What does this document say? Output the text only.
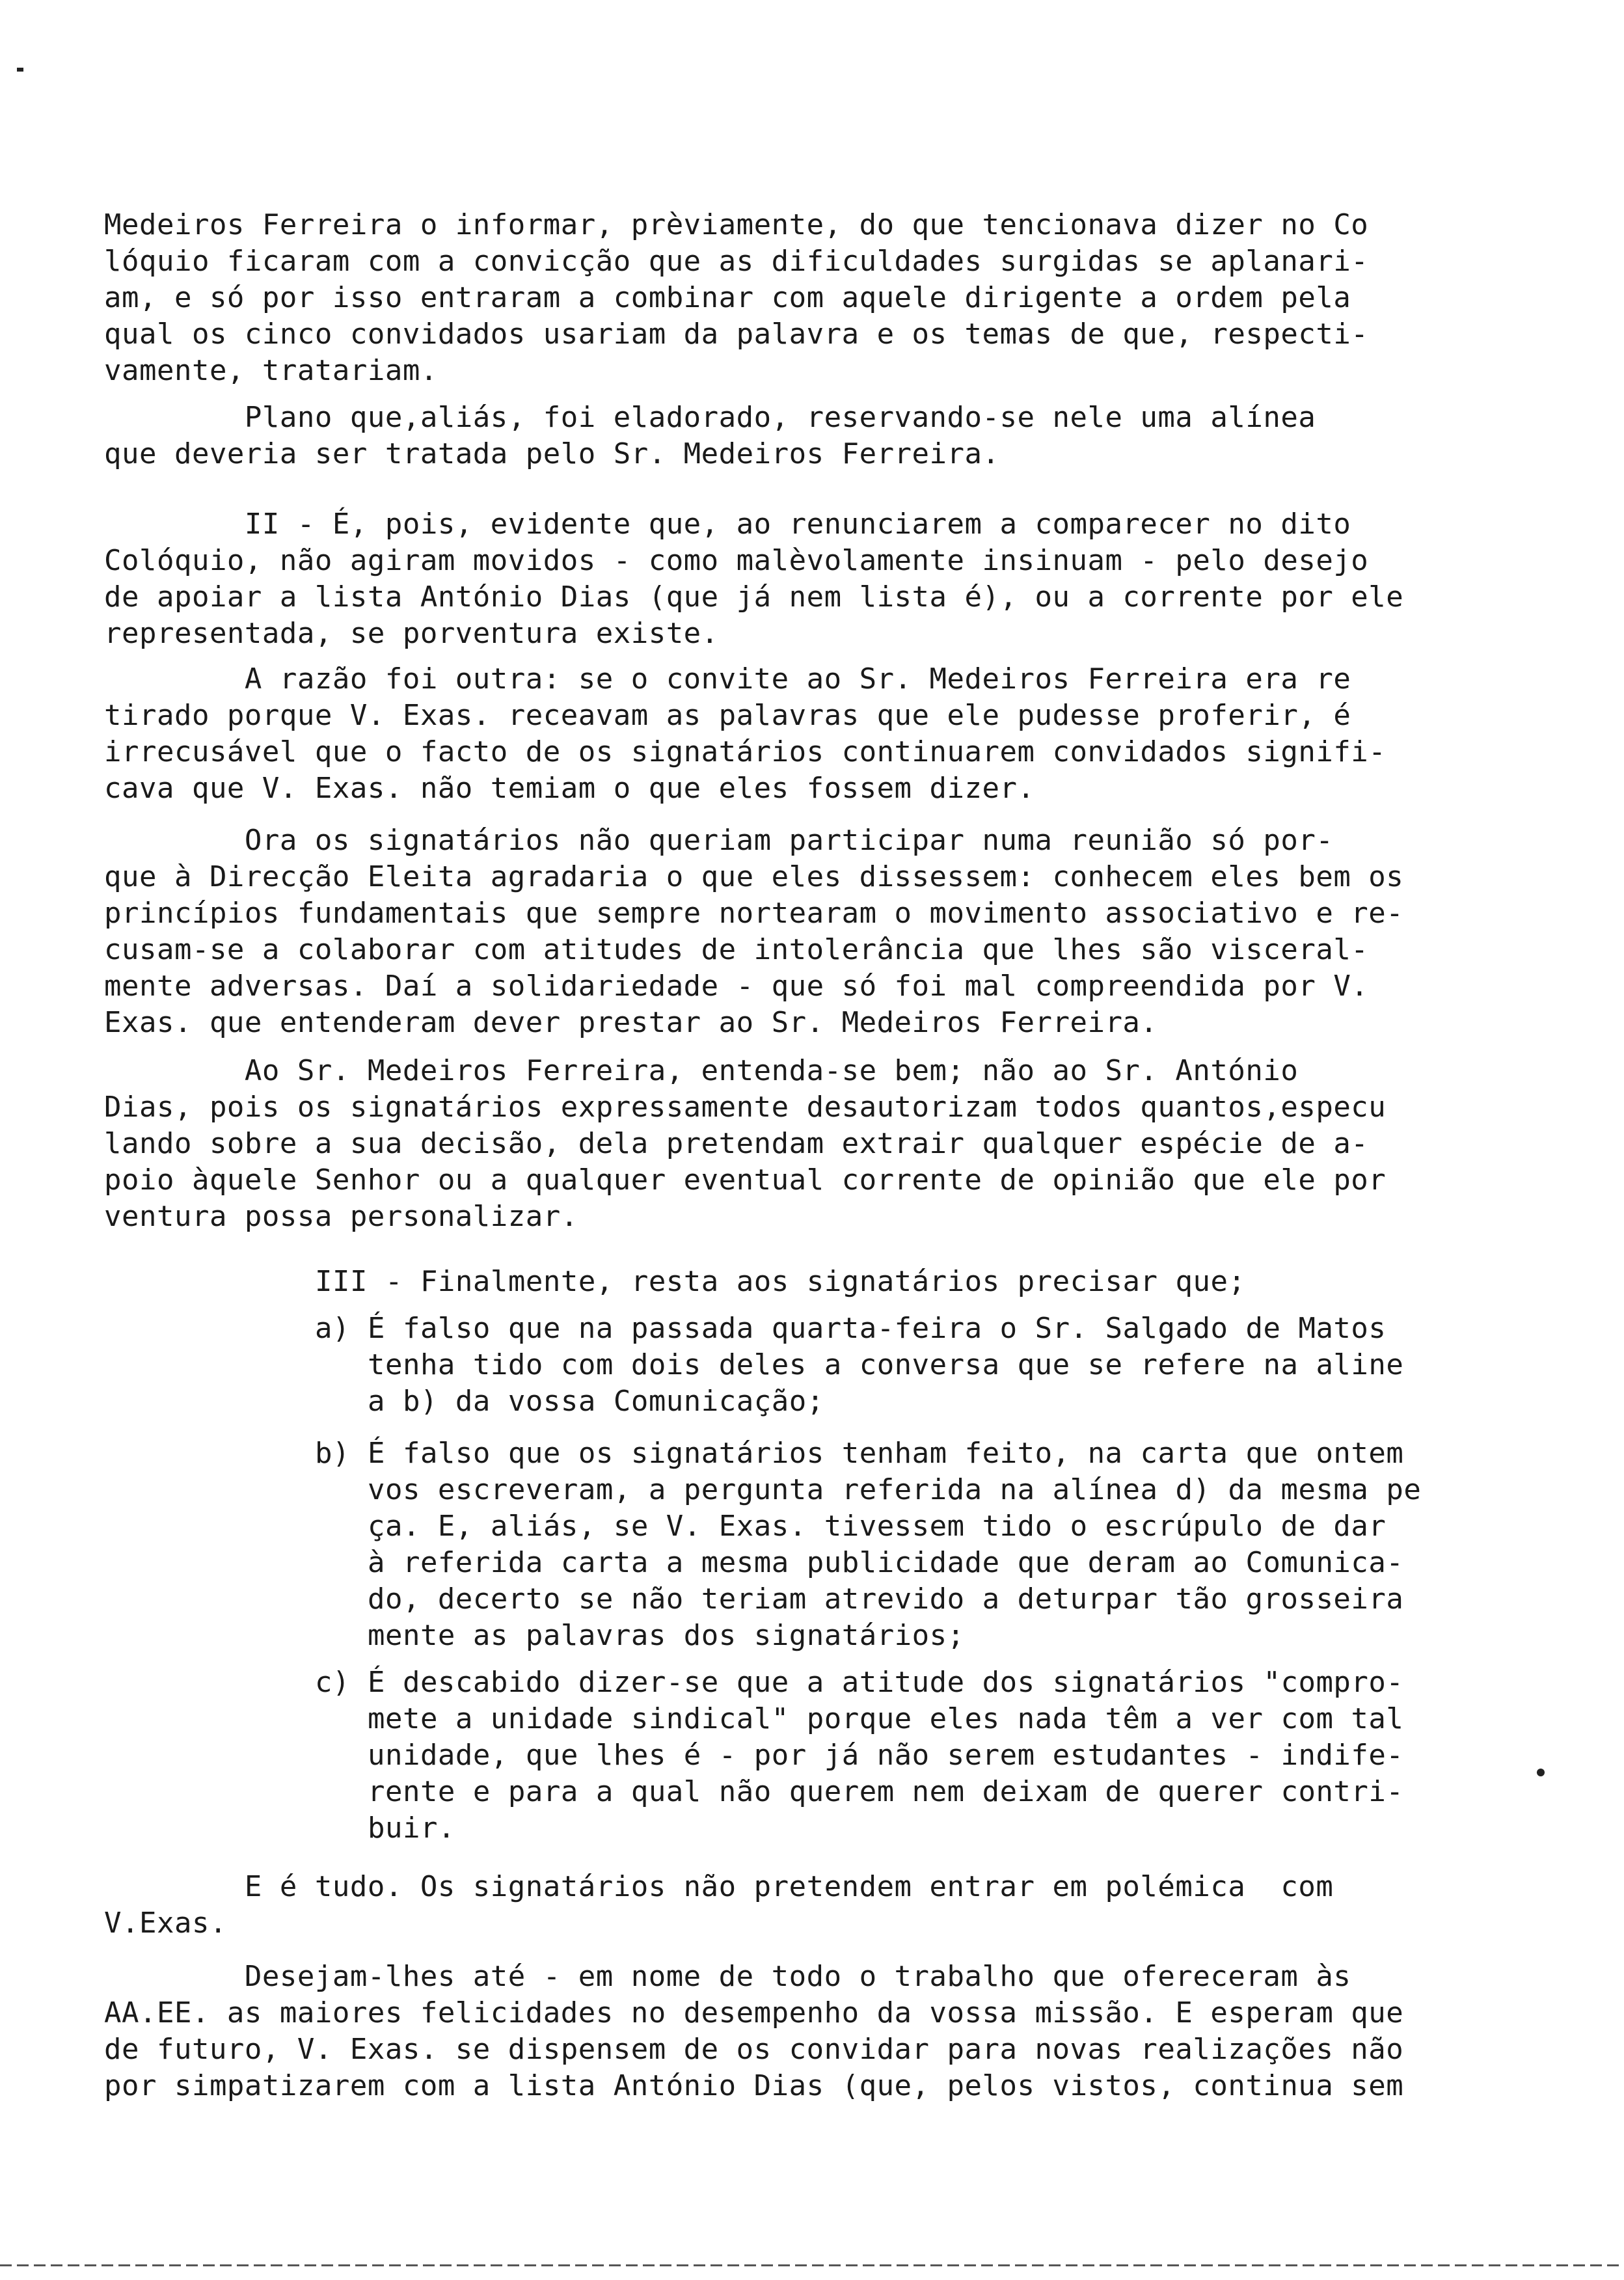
Medeiros Ferreira o informar, prèviamente, do que tencionava dizer no Co
lóquio ficaram com a convicção que as dificuldades surgidas se aplanari-
am, e só por isso entraram a combinar com aquele dirigente a ordem pela
qual os cinco convidados usariam da palavra e os temas de que, respecti-
vamente, tratariam.
Plano que,aliás, foi eladorado, reservando-se nele uma alínea
que deveria ser tratada pelo Sr. Medeiros Ferreira.
II - É, pois, evidente que, ao renunciarem a comparecer no dito
Colóquio, não agiram movidos - como malèvolamente insinuam - pelo desejo
de apoiar a lista António Dias (que já nem lista é), ou a corrente por ele
representada, se porventura existe.
A razão foi outra: se o convite ao Sr. Medeiros Ferreira era re
tirado porque V. Exas. receavam as palavras que ele pudesse proferir, é
irrecusável que o facto de os signatários continuarem convidados signifi-
cava que V. Exas. não temiam o que eles fossem dizer.
Ora os signatários não queriam participar numa reunião só por-
que à Direcção Eleita agradaria o que eles dissessem: conhecem eles bem os
princípios fundamentais que sempre nortearam o movimento associativo e re-
cusam-se a colaborar com atitudes de intolerância que lhes são visceral-
mente adversas. Daí a solidariedade - que só foi mal compreendida por V.
Exas. que entenderam dever prestar ao Sr. Medeiros Ferreira.
Ao Sr. Medeiros Ferreira, entenda-se bem; não ao Sr. António
Dias, pois os signatários expressamente desautorizam todos quantos,especu
lando sobre a sua decisão, dela pretendam extrair qualquer espécie de a-
poio àquele Senhor ou a qualquer eventual corrente de opinião que ele por
ventura possa personalizar.
III - Finalmente, resta aos signatários precisar que;
a) É falso que na passada quarta-feira o Sr. Salgado de Matos
tenha tido com dois deles a conversa que se refere na aline
a b) da vossa Comunicação;
b) É falso que os signatários tenham feito, na carta que ontem
vos escreveram, a pergunta referida na alínea d) da mesma pe
ça. E, aliás, se V. Exas. tivessem tido o escrúpulo de dar
à referida carta a mesma publicidade que deram ao Comunica-
do, decerto se não teriam atrevido a deturpar tão grosseira
mente as palavras dos signatários;
c) É descabido dizer-se que a atitude dos signatários "compro-
mete a unidade sindical" porque eles nada têm a ver com tal
unidade, que lhes é - por já não serem estudantes - indife-
rente e para a qual não querem nem deixam de querer contri-
buir.
E é tudo. Os signatários não pretendem entrar em polémica  com
V.Exas.
Desejam-lhes até - em nome de todo o trabalho que ofereceram às
AA.EE. as maiores felicidades no desempenho da vossa missão. E esperam que
de futuro, V. Exas. se dispensem de os convidar para novas realizações não
por simpatizarem com a lista António Dias (que, pelos vistos, continua sem
